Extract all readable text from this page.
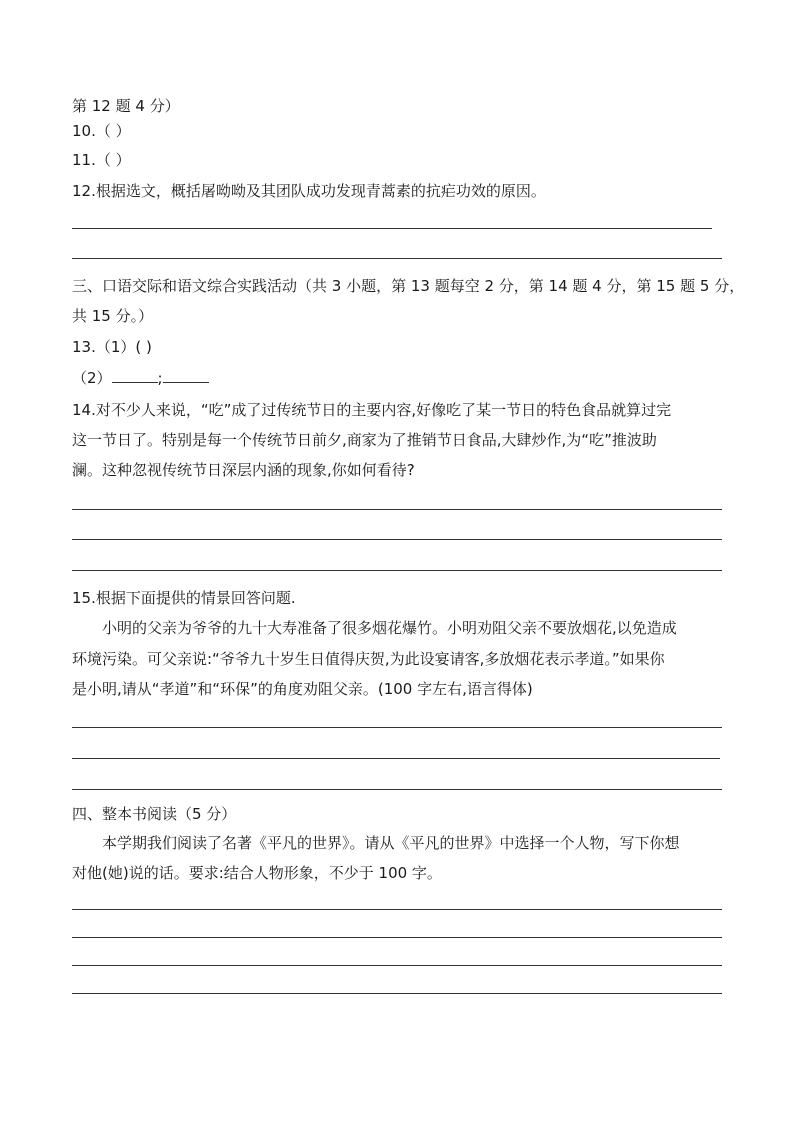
第 12 题 4 分）
10.（ ）
11.（ ）
12.根据选文，概括屠呦呦及其团队成功发现青蒿素的抗疟功效的原因。
三、口语交际和语文综合实践活动（共 3 小题，第 13 题每空 2 分，第 14 题 4 分，第 15 题 5 分，
共 15 分。）
13.（1）( )
（2）	;
14.对不少人来说，“吃”成了过传统节日的主要内容,好像吃了某一节日的特色食品就算过完
这一节日了。特别是每一个传统节日前夕,商家为了推销节日食品,大肆炒作,为“吃”推波助
澜。这种忽视传统节日深层内涵的现象,你如何看待?
15.根据下面提供的情景回答问题.
小明的父亲为爷爷的九十大寿准备了很多烟花爆竹。小明劝阻父亲不要放烟花,以免造成
环境污染。可父亲说:“爷爷九十岁生日值得庆贺,为此设宴请客,多放烟花表示孝道。”如果你
是小明,请从“孝道”和“环保”的角度劝阻父亲。(100 字左右,语言得体)
四、整本书阅读（5 分）
本学期我们阅读了名著《平凡的世界》。请从《平凡的世界》中选择一个人物，写下你想
对他(她)说的话。要求:结合人物形象，不少于 100 字。
